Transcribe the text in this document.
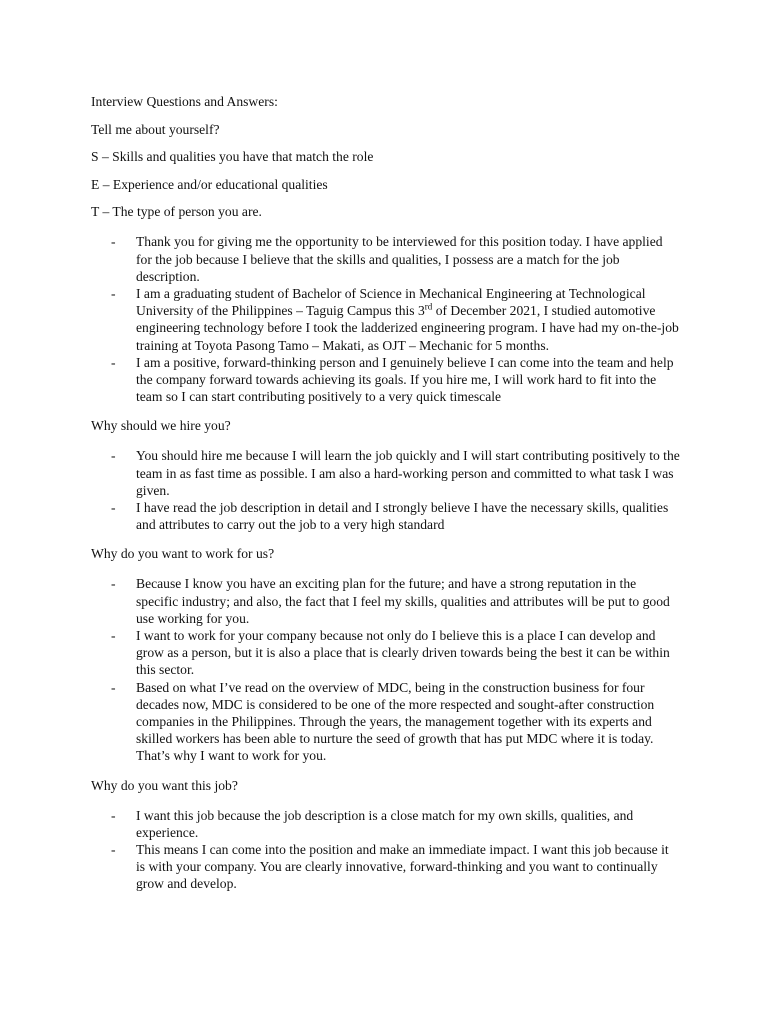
Interview Questions and Answers:

Tell me about yourself?

S – Skills and qualities you have that match the role

E – Experience and/or educational qualities

T – The type of person you are.

- Thank you for giving me the opportunity to be interviewed for this position today. I have applied for the job because I believe that the skills and qualities, I possess are a match for the job description.
- I am a graduating student of Bachelor of Science in Mechanical Engineering at Technological University of the Philippines – Taguig Campus this 3rd of December 2021, I studied automotive engineering technology before I took the ladderized engineering program. I have had my on-the-job training at Toyota Pasong Tamo – Makati, as OJT – Mechanic for 5 months.
- I am a positive, forward-thinking person and I genuinely believe I can come into the team and help the company forward towards achieving its goals. If you hire me, I will work hard to fit into the team so I can start contributing positively to a very quick timescale

Why should we hire you?

- You should hire me because I will learn the job quickly and I will start contributing positively to the team in as fast time as possible. I am also a hard-working person and committed to what task I was given.
- I have read the job description in detail and I strongly believe I have the necessary skills, qualities and attributes to carry out the job to a very high standard

Why do you want to work for us?

- Because I know you have an exciting plan for the future; and have a strong reputation in the specific industry; and also, the fact that I feel my skills, qualities and attributes will be put to good use working for you.
- I want to work for your company because not only do I believe this is a place I can develop and grow as a person, but it is also a place that is clearly driven towards being the best it can be within this sector.
- Based on what I’ve read on the overview of MDC, being in the construction business for four decades now, MDC is considered to be one of the more respected and sought-after construction companies in the Philippines. Through the years, the management together with its experts and skilled workers has been able to nurture the seed of growth that has put MDC where it is today. That’s why I want to work for you.

Why do you want this job?

- I want this job because the job description is a close match for my own skills, qualities, and experience.
- This means I can come into the position and make an immediate impact. I want this job because it is with your company. You are clearly innovative, forward-thinking and you want to continually grow and develop.
